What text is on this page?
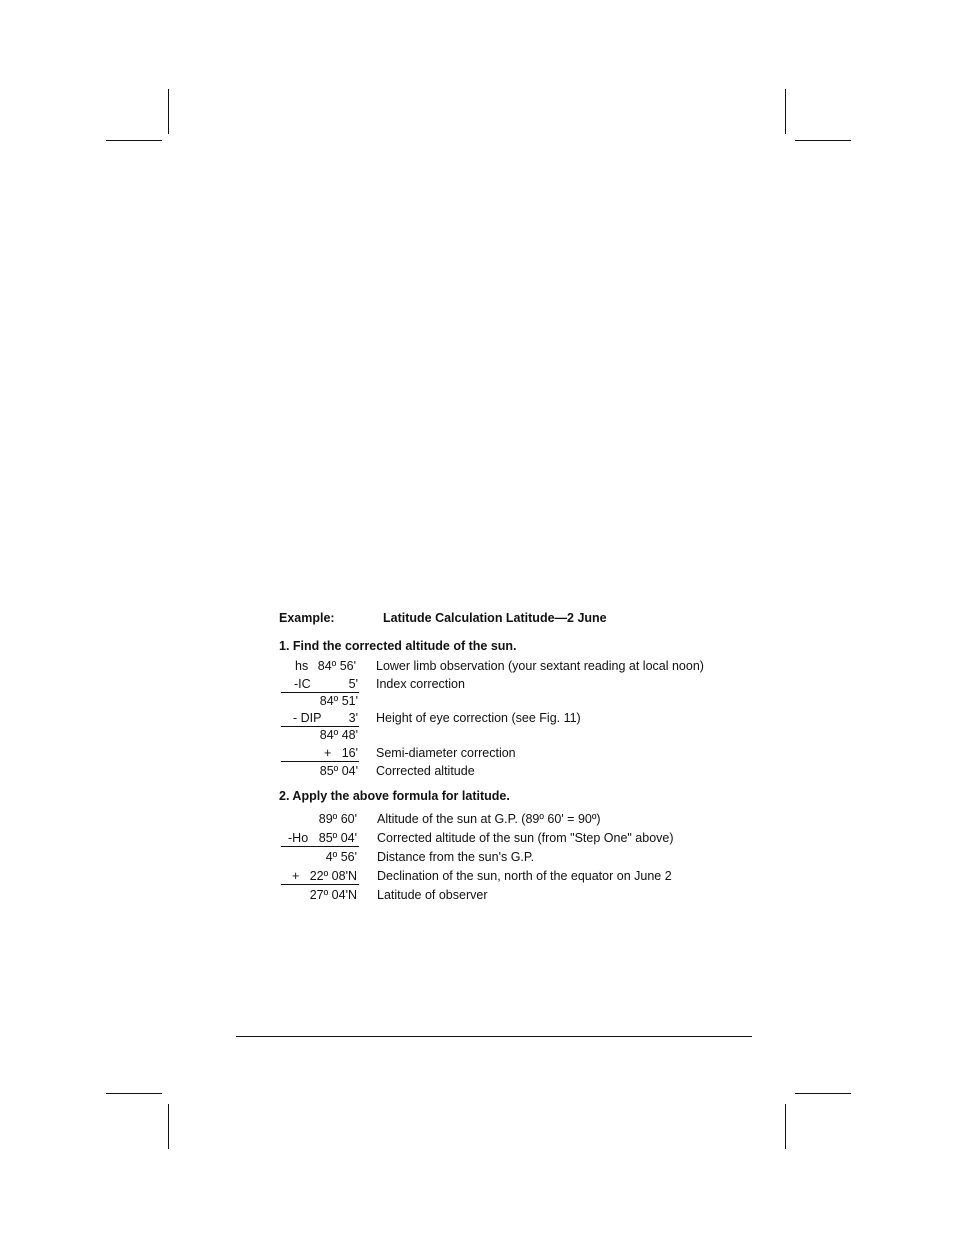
Example:	Latitude Calculation Latitude—2 June
1. Find the corrected altitude of the sun.
hs 84º 56' Lower limb observation (your sextant reading at local noon)
-IC	5' Index correction
84º 51'
- DIP 3' Height of eye correction (see Fig. 11)
84º 48'
+ 16' Semi-diameter correction
85º 04' Corrected altitude
2. Apply the above formula for latitude.
89º 60' Altitude of the sun at G.P. (89º 60' = 90º)
-Ho 85º 04' Corrected altitude of the sun (from "Step One" above)
4º 56' Distance from the sun's G.P.
+ 22º 08'N Declination of the sun, north of the equator on June 2
27º 04'N Latitude of observer
